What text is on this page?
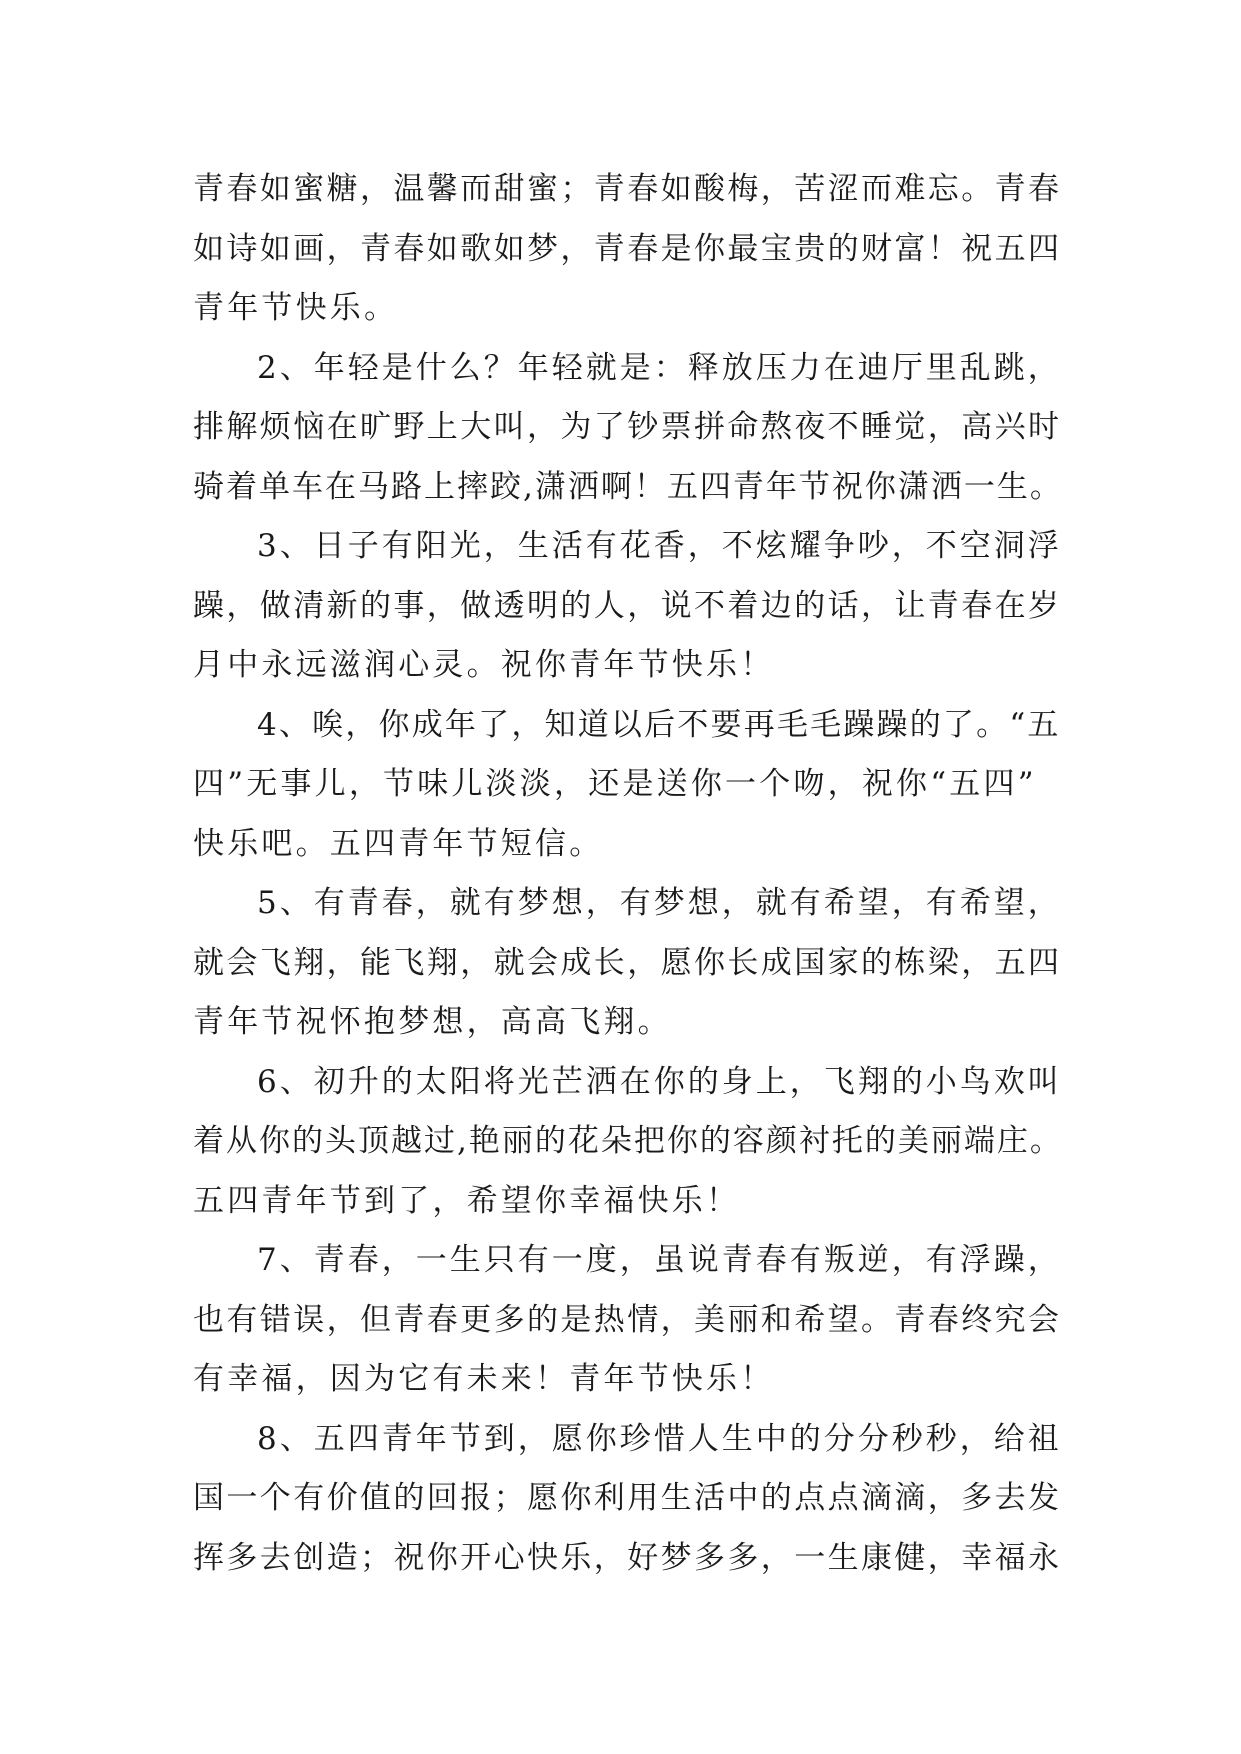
青春如蜜糖，温馨而甜蜜；青春如酸梅，苦涩而难忘。青春
如诗如画，青春如歌如梦，青春是你最宝贵的财富！祝五四
青年节快乐。
2、年轻是什么？年轻就是：释放压力在迪厅里乱跳，
排解烦恼在旷野上大叫，为了钞票拼命熬夜不睡觉，高兴时
骑着单车在马路上摔跤,潇洒啊！五四青年节祝你潇洒一生。
3、日子有阳光，生活有花香，不炫耀争吵，不空洞浮
躁，做清新的事，做透明的人，说不着边的话，让青春在岁
月中永远滋润心灵。祝你青年节快乐！
4、唉，你成年了，知道以后不要再毛毛躁躁的了。“五
四”无事儿，节味儿淡淡，还是送你一个吻，祝你“五四”
快乐吧。五四青年节短信。
5、有青春，就有梦想，有梦想，就有希望，有希望，
就会飞翔，能飞翔，就会成长，愿你长成国家的栋梁，五四
青年节祝怀抱梦想，高高飞翔。
6、初升的太阳将光芒洒在你的身上，飞翔的小鸟欢叫
着从你的头顶越过,艳丽的花朵把你的容颜衬托的美丽端庄。
五四青年节到了，希望你幸福快乐！
7、青春，一生只有一度，虽说青春有叛逆，有浮躁，
也有错误，但青春更多的是热情，美丽和希望。青春终究会
有幸福，因为它有未来！青年节快乐！
8、五四青年节到，愿你珍惜人生中的分分秒秒，给祖
国一个有价值的回报；愿你利用生活中的点点滴滴，多去发
挥多去创造；祝你开心快乐，好梦多多，一生康健，幸福永
